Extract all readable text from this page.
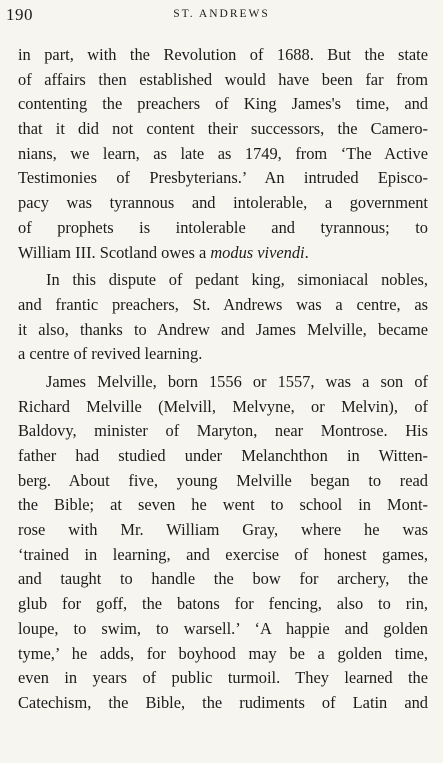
190	ST. ANDREWS
in part, with the Revolution of 1688. But the state
of affairs then established would have been far from
contenting the preachers of King James's time, and
that it did not content their successors, the Camero-
nians, we learn, as late as 1749, from ‘The Active
Testimonies of Presbyterians.’ An intruded Episco-
pacy was tyrannous and intolerable, a government
of prophets is intolerable and tyrannous; to
William III. Scotland owes a modus vivendi.
In this dispute of pedant king, simoniacal nobles,
and frantic preachers, St. Andrews was a centre, as
it also, thanks to Andrew and James Melville, became
a centre of revived learning.
James Melville, born 1556 or 1557, was a son of
Richard Melville (Melvill, Melvyne, or Melvin), of
Baldovy, minister of Maryton, near Montrose. His
father had studied under Melanchthon in Witten-
berg. About five, young Melville began to read
the Bible; at seven he went to school in Mont-
rose with Mr. William Gray, where he was
‘trained in learning, and exercise of honest games,
and taught to handle the bow for archery, the
glub for goff, the batons for fencing, also to rin,
loupe, to swim, to warsell.’ ‘A happie and golden
tyme,’ he adds, for boyhood may be a golden time,
even in years of public turmoil. They learned the
Catechism, the Bible, the rudiments of Latin and
